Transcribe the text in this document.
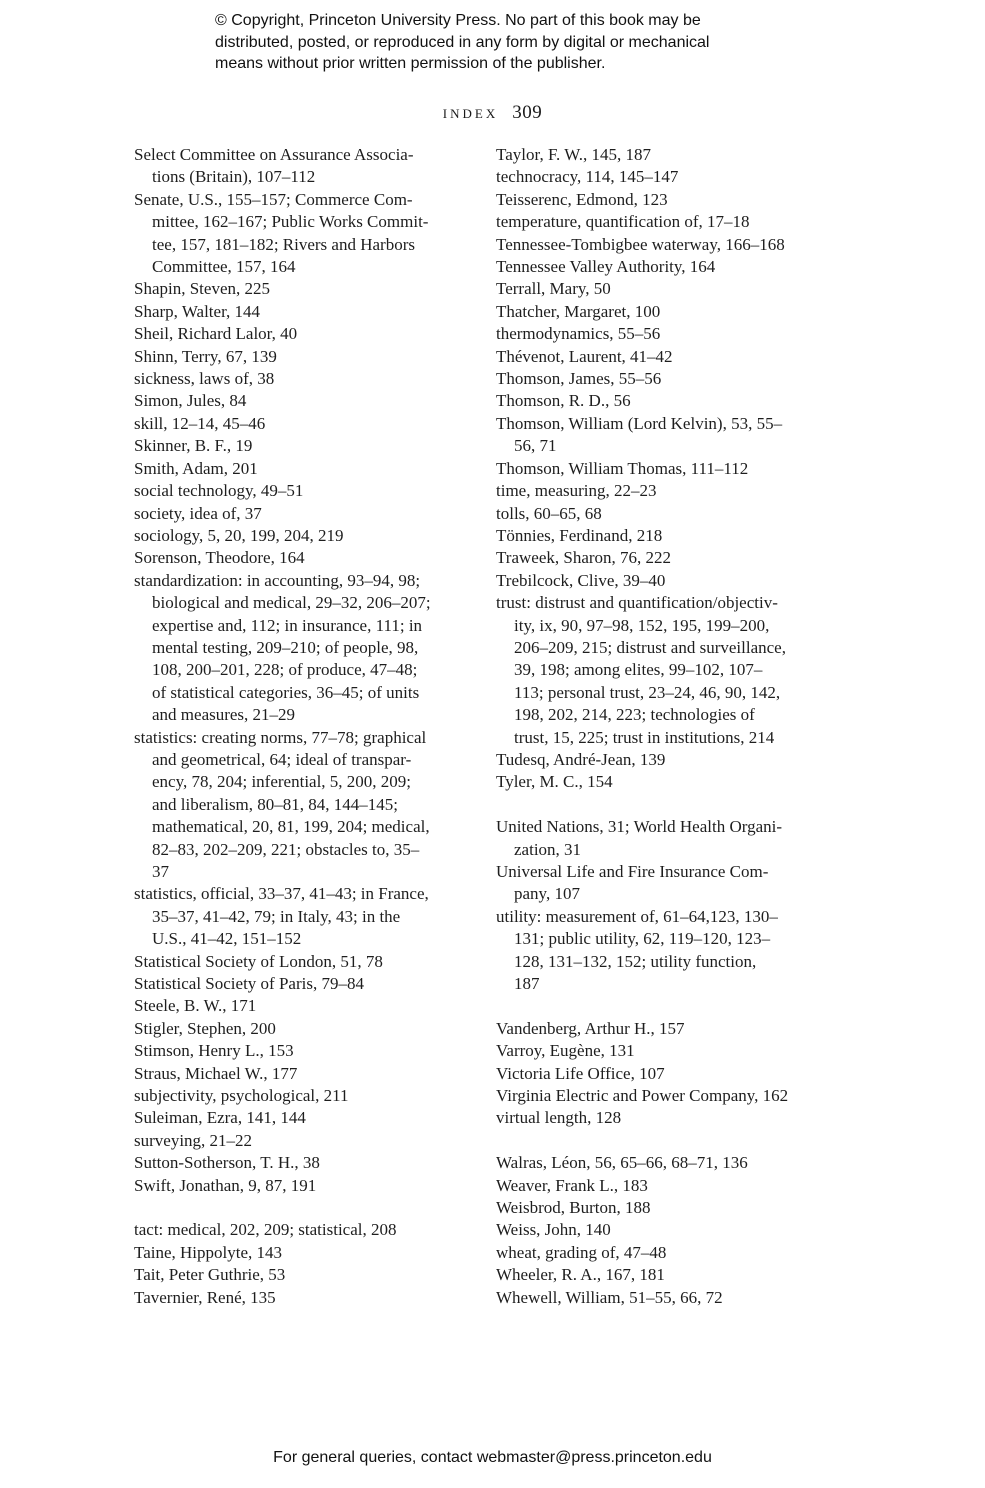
© Copyright, Princeton University Press. No part of this book may be
distributed, posted, or reproduced in any form by digital or mechanical
means without prior written permission of the publisher.
INDEX 309
Select Committee on Assurance Associa-
tions (Britain), 107–112
Senate, U.S., 155–157; Commerce Com-
mittee, 162–167; Public Works Commit-
tee, 157, 181–182; Rivers and Harbors
Committee, 157, 164
Shapin, Steven, 225
Sharp, Walter, 144
Sheil, Richard Lalor, 40
Shinn, Terry, 67, 139
sickness, laws of, 38
Simon, Jules, 84
skill, 12–14, 45–46
Skinner, B. F., 19
Smith, Adam, 201
social technology, 49–51
society, idea of, 37
sociology, 5, 20, 199, 204, 219
Sorenson, Theodore, 164
standardization: in accounting, 93–94, 98;
biological and medical, 29–32, 206–207;
expertise and, 112; in insurance, 111; in
mental testing, 209–210; of people, 98,
108, 200–201, 228; of produce, 47–48;
of statistical categories, 36–45; of units
and measures, 21–29
statistics: creating norms, 77–78; graphical
and geometrical, 64; ideal of transpar-
ency, 78, 204; inferential, 5, 200, 209;
and liberalism, 80–81, 84, 144–145;
mathematical, 20, 81, 199, 204; medical,
82–83, 202–209, 221; obstacles to, 35–
37
statistics, official, 33–37, 41–43; in France,
35–37, 41–42, 79; in Italy, 43; in the
U.S., 41–42, 151–152
Statistical Society of London, 51, 78
Statistical Society of Paris, 79–84
Steele, B. W., 171
Stigler, Stephen, 200
Stimson, Henry L., 153
Straus, Michael W., 177
subjectivity, psychological, 211
Suleiman, Ezra, 141, 144
surveying, 21–22
Sutton-Sotherson, T. H., 38
Swift, Jonathan, 9, 87, 191
tact: medical, 202, 209; statistical, 208
Taine, Hippolyte, 143
Tait, Peter Guthrie, 53
Tavernier, René, 135
Taylor, F. W., 145, 187
technocracy, 114, 145–147
Teisserenc, Edmond, 123
temperature, quantification of, 17–18
Tennessee-Tombigbee waterway, 166–168
Tennessee Valley Authority, 164
Terrall, Mary, 50
Thatcher, Margaret, 100
thermodynamics, 55–56
Thévenot, Laurent, 41–42
Thomson, James, 55–56
Thomson, R. D., 56
Thomson, William (Lord Kelvin), 53, 55–
56, 71
Thomson, William Thomas, 111–112
time, measuring, 22–23
tolls, 60–65, 68
Tönnies, Ferdinand, 218
Traweek, Sharon, 76, 222
Trebilcock, Clive, 39–40
trust: distrust and quantification/objectiv-
ity, ix, 90, 97–98, 152, 195, 199–200,
206–209, 215; distrust and surveillance,
39, 198; among elites, 99–102, 107–
113; personal trust, 23–24, 46, 90, 142,
198, 202, 214, 223; technologies of
trust, 15, 225; trust in institutions, 214
Tudesq, André-Jean, 139
Tyler, M. C., 154
United Nations, 31; World Health Organi-
zation, 31
Universal Life and Fire Insurance Com-
pany, 107
utility: measurement of, 61–64,123, 130–
131; public utility, 62, 119–120, 123–
128, 131–132, 152; utility function,
187
Vandenberg, Arthur H., 157
Varroy, Eugène, 131
Victoria Life Office, 107
Virginia Electric and Power Company, 162
virtual length, 128
Walras, Léon, 56, 65–66, 68–71, 136
Weaver, Frank L., 183
Weisbrod, Burton, 188
Weiss, John, 140
wheat, grading of, 47–48
Wheeler, R. A., 167, 181
Whewell, William, 51–55, 66, 72
For general queries, contact webmaster@press.princeton.edu
